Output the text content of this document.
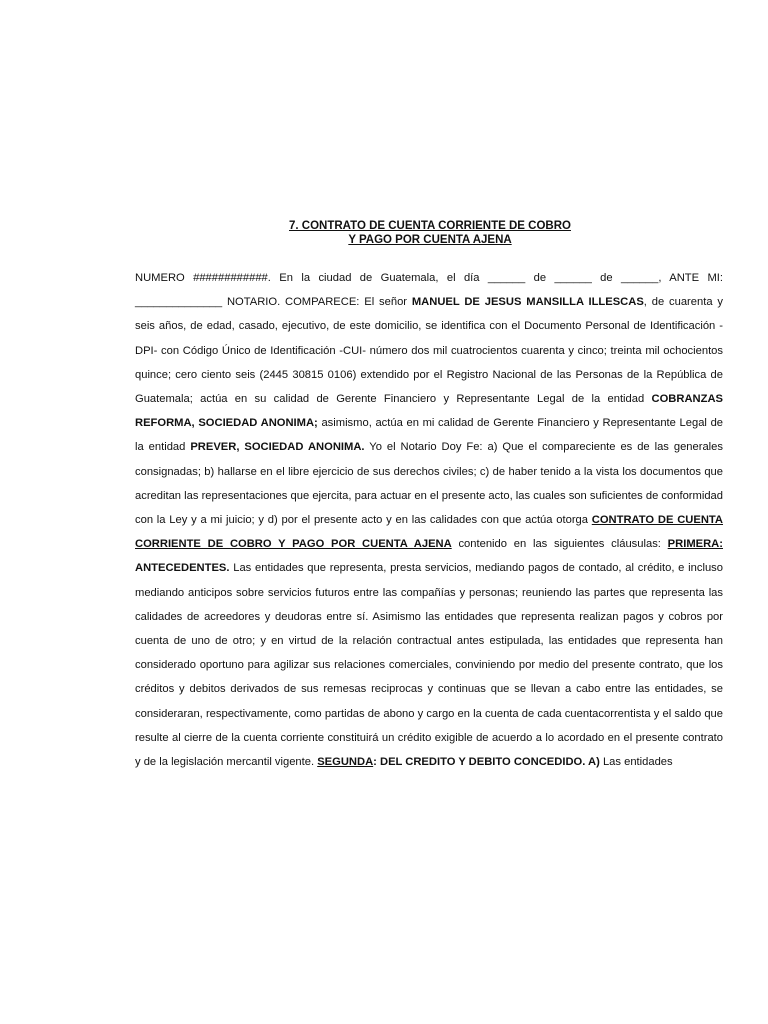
7. CONTRATO DE CUENTA CORRIENTE DE COBRO
Y PAGO POR CUENTA AJENA

NUMERO ############. En la ciudad de Guatemala, el día ______ de ______ de ______, ANTE MI: ______________ NOTARIO. COMPARECE: El señor MANUEL DE JESUS MANSILLA ILLESCAS, de cuarenta y seis años, de edad, casado, ejecutivo, de este domicilio, se identifica con el Documento Personal de Identificación -DPI- con Código Único de Identificación -CUI- número dos mil cuatrocientos cuarenta y cinco; treinta mil ochocientos quince; cero ciento seis (2445 30815 0106) extendido por el Registro Nacional de las Personas de la República de Guatemala; actúa en su calidad de Gerente Financiero y Representante Legal de la entidad COBRANZAS REFORMA, SOCIEDAD ANONIMA; asimismo, actúa en mi calidad de Gerente Financiero y Representante Legal de la entidad PREVER, SOCIEDAD ANONIMA. Yo el Notario Doy Fe: a) Que el compareciente es de las generales consignadas; b) hallarse en el libre ejercicio de sus derechos civiles; c) de haber tenido a la vista los documentos que acreditan las representaciones que ejercita, para actuar en el presente acto, las cuales son suficientes de conformidad con la Ley y a mi juicio; y d) por el presente acto y en las calidades con que actúa otorga CONTRATO DE CUENTA CORRIENTE DE COBRO Y PAGO POR CUENTA AJENA contenido en las siguientes cláusulas: PRIMERA: ANTECEDENTES. Las entidades que representa, presta servicios, mediando pagos de contado, al crédito, e incluso mediando anticipos sobre servicios futuros entre las compañías y personas; reuniendo las partes que representa las calidades de acreedores y deudoras entre sí. Asimismo las entidades que representa realizan pagos y cobros por cuenta de uno de otro; y en virtud de la relación contractual antes estipulada, las entidades que representa han considerado oportuno para agilizar sus relaciones comerciales, conviniendo por medio del presente contrato, que los créditos y debitos derivados de sus remesas reciprocas y continuas que se llevan a cabo entre las entidades, se consideraran, respectivamente, como partidas de abono y cargo en la cuenta de cada cuentacorrentista y el saldo que resulte al cierre de la cuenta corriente constituirá un crédito exigible de acuerdo a lo acordado en el presente contrato y de la legislación mercantil vigente. SEGUNDA: DEL CREDITO Y DEBITO CONCEDIDO. A) Las entidades
